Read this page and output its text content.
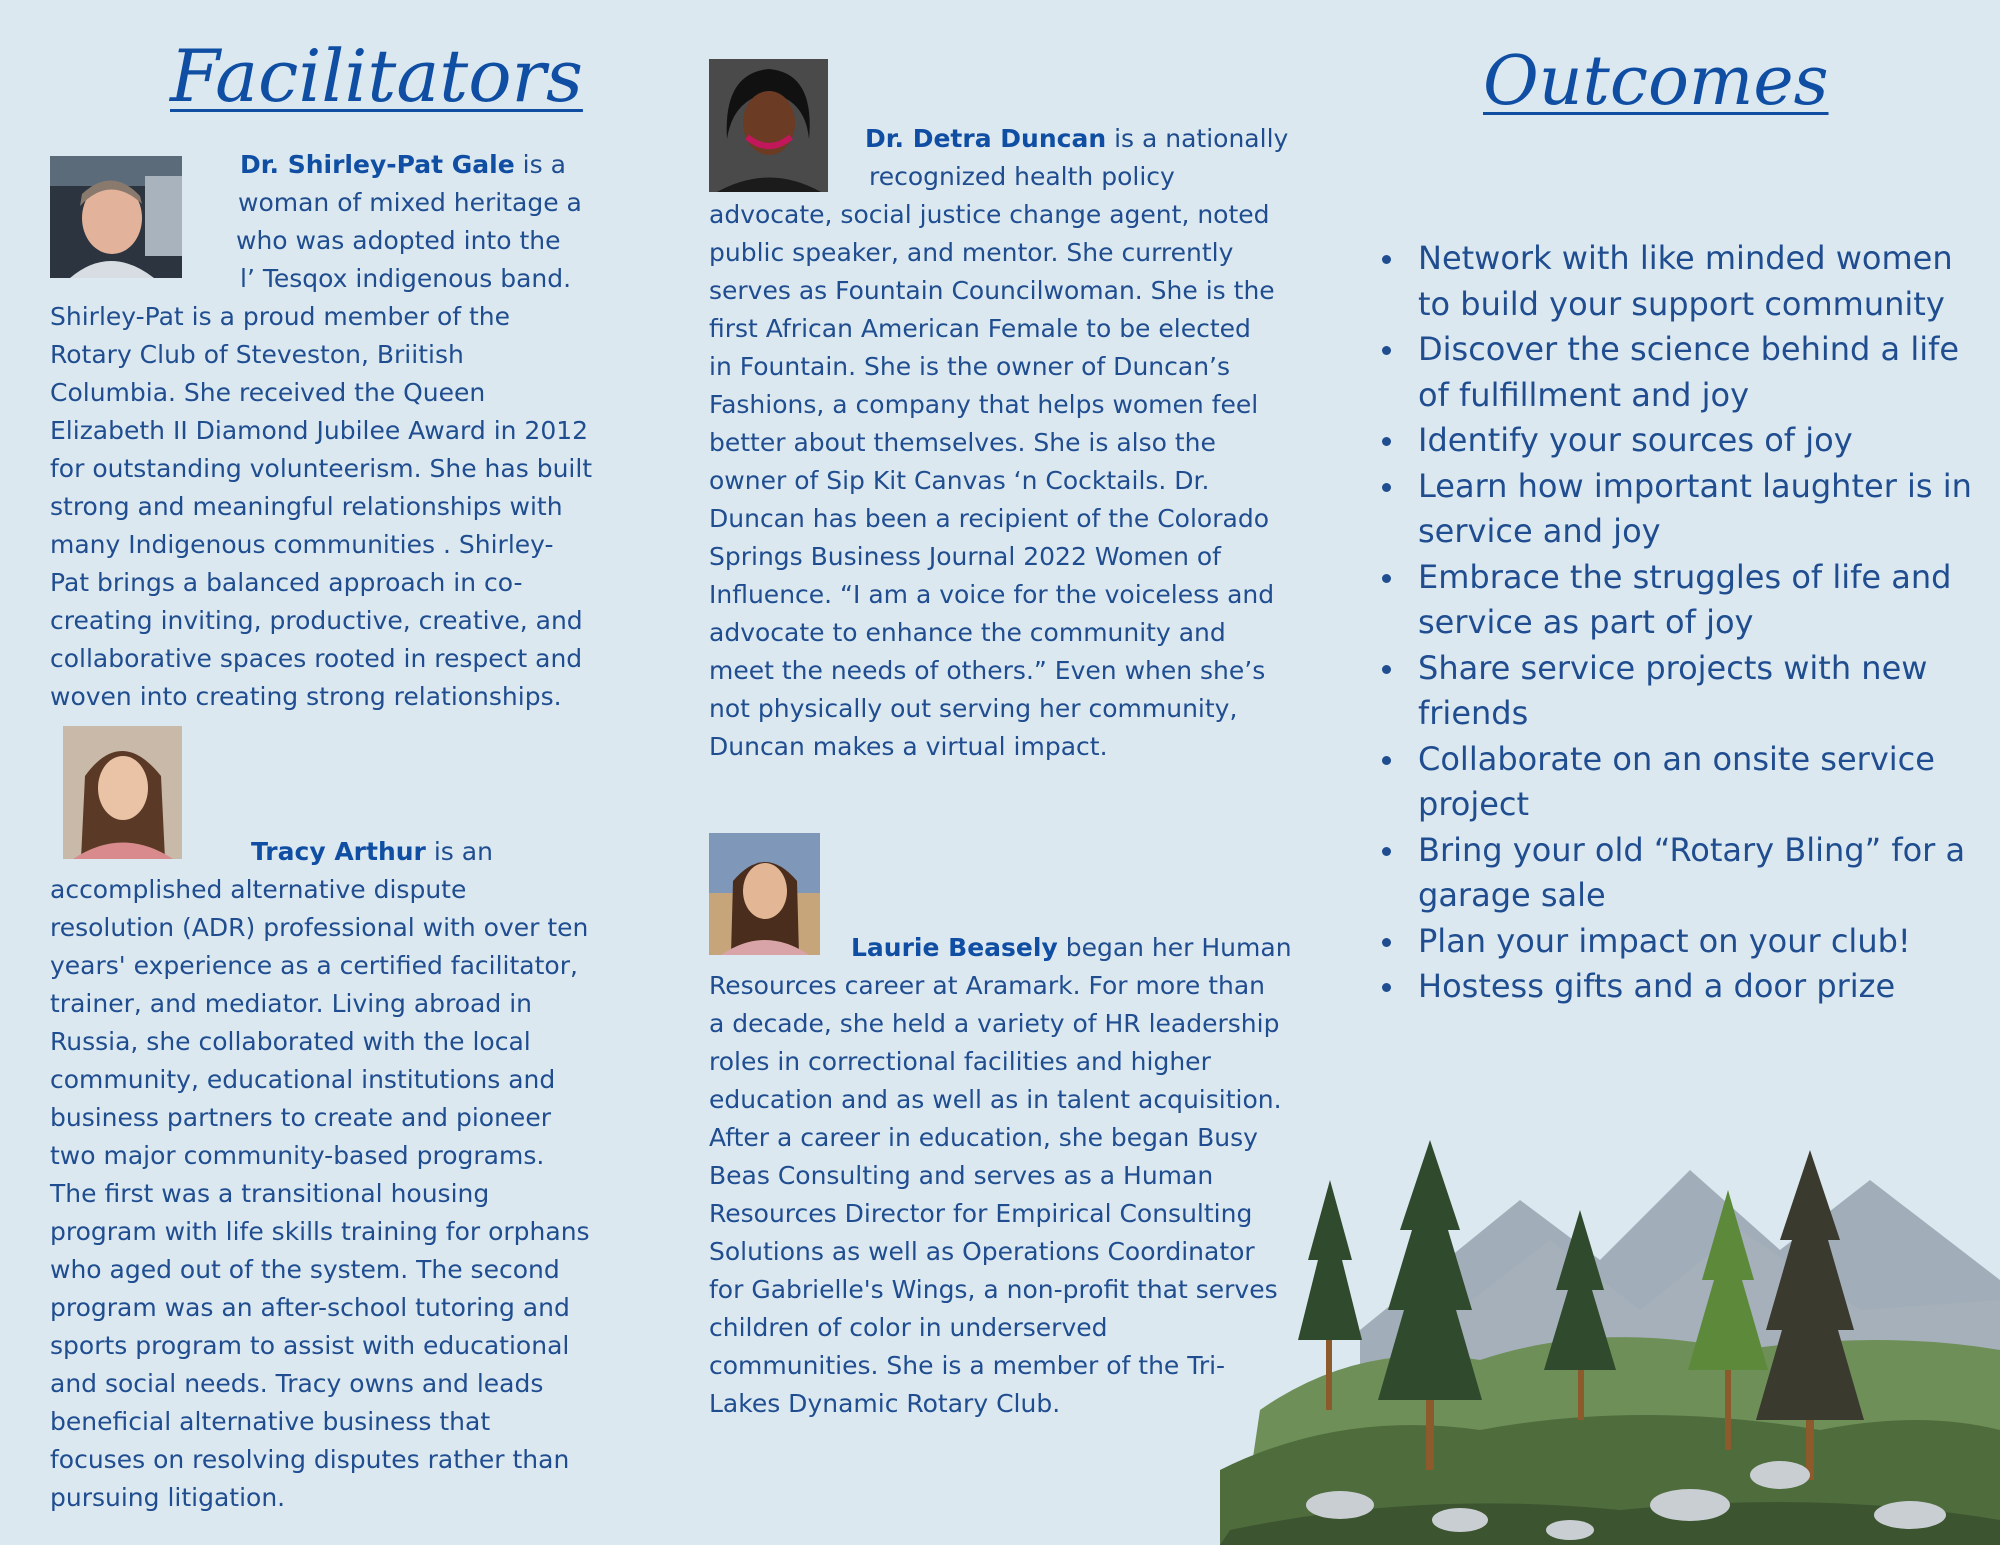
Facilitators	Outcomes

Dr. Shirley-Pat Gale is a
woman of mixed heritage a
who was adopted into the
l’ Tesqox indigenous band.
Shirley-Pat is a proud member of the
Rotary Club of Steveston, Briitish
Columbia. She received the Queen
Elizabeth II Diamond Jubilee Award in 2012
for outstanding volunteerism. She has built
strong and meaningful relationships with
many Indigenous communities . Shirley-
Pat brings a balanced approach in co-
creating inviting, productive, creative, and
collaborative spaces rooted in respect and
woven into creating strong relationships.

Tracy Arthur is an
accomplished alternative dispute
resolution (ADR) professional with over ten
years' experience as a certified facilitator,
trainer, and mediator. Living abroad in
Russia, she collaborated with the local
community, educational institutions and
business partners to create and pioneer
two major community-based programs.
The first was a transitional housing
program with life skills training for orphans
who aged out of the system. The second
program was an after-school tutoring and
sports program to assist with educational
and social needs. Tracy owns and leads
beneficial alternative business that
focuses on resolving disputes rather than
pursuing litigation.

Dr. Detra Duncan is a nationally
recognized health policy
advocate, social justice change agent, noted
public speaker, and mentor. She currently
serves as Fountain Councilwoman. She is the
first African American Female to be elected
in Fountain. She is the owner of Duncan’s
Fashions, a company that helps women feel
better about themselves. She is also the
owner of Sip Kit Canvas ‘n Cocktails. Dr.
Duncan has been a recipient of the Colorado
Springs Business Journal 2022 Women of
Influence. “I am a voice for the voiceless and
advocate to enhance the community and
meet the needs of others.” Even when she’s
not physically out serving her community,
Duncan makes a virtual impact.

Laurie Beasely began her Human
Resources career at Aramark. For more than
a decade, she held a variety of HR leadership
roles in correctional facilities and higher
education and as well as in talent acquisition.
After a career in education, she began Busy
Beas Consulting and serves as a Human
Resources Director for Empirical Consulting
Solutions as well as Operations Coordinator
for Gabrielle's Wings, a non-profit that serves
children of color in underserved
communities. She is a member of the Tri-
Lakes Dynamic Rotary Club.

Network with like minded women to build your support community
Discover the science behind a life of fulfillment and joy
Identify your sources of joy
Learn how important laughter is in service and joy
Embrace the struggles of life and service as part of joy
Share service projects with new friends
Collaborate on an onsite service project
Bring your old “Rotary Bling” for a garage sale
Plan your impact on your club!
Hostess gifts and a door prize
